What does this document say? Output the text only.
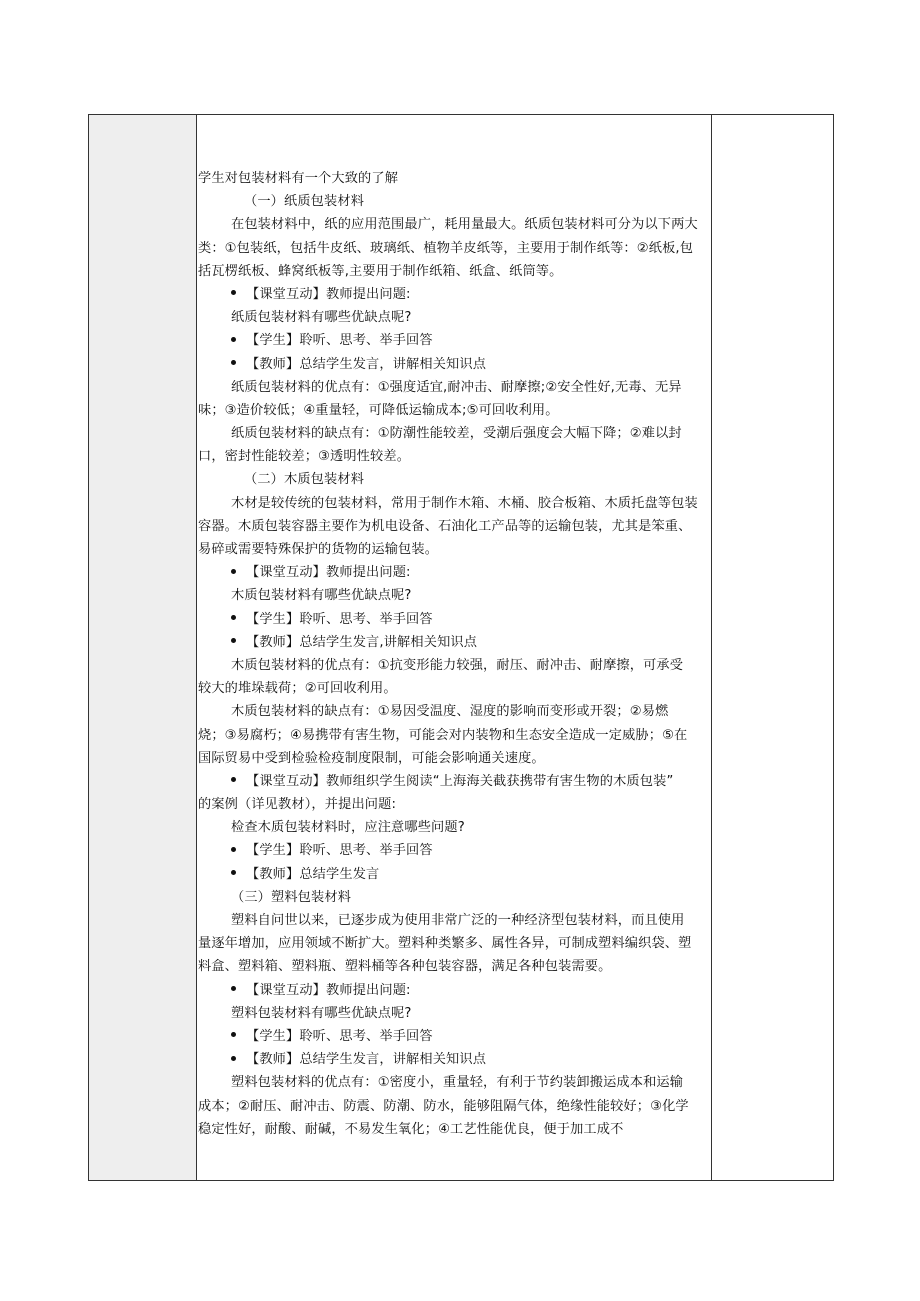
学生对包装材料有一个大致的了解
（一）纸质包装材料
在包装材料中，纸的应用范围最广，耗用量最大。纸质包装材料可分为以下两大
类：①包装纸，包括牛皮纸、玻璃纸、植物羊皮纸等，主要用于制作纸等：②纸板,包
括瓦楞纸板、蜂窝纸板等,主要用于制作纸箱、纸盒、纸筒等。
【课堂互动】教师提出问题:
纸质包装材料有哪些优缺点呢?
【学生】聆听、思考、举手回答
【教师】总结学生发言，讲解相关知识点
纸质包装材料的优点有：①强度适宜,耐冲击、耐摩擦;②安全性好,无毒、无异
味；③造价较低；④重量轻，可降低运输成本;⑤可回收利用。
纸质包装材料的缺点有：①防潮性能较差，受潮后强度会大幅下降；②难以封
口，密封性能较差；③透明性较差。
（二）木质包装材料
木材是较传统的包装材料，常用于制作木箱、木桶、胶合板箱、木质托盘等包装
容器。木质包装容器主要作为机电设备、石油化工产品等的运输包装，尤其是笨重、
易碎或需要特殊保护的货物的运输包装。
【课堂互动】教师提出问题:
木质包装材料有哪些优缺点呢?
【学生】聆听、思考、举手回答
【教师】总结学生发言,讲解相关知识点
木质包装材料的优点有：①抗变形能力较强，耐压、耐冲击、耐摩擦，可承受
较大的堆垛载荷；②可回收利用。
木质包装材料的缺点有：①易因受温度、湿度的影响而变形或开裂；②易燃
烧；③易腐朽；④易携带有害生物，可能会对内装物和生态安全造成一定威胁；⑤在
国际贸易中受到检验检疫制度限制，可能会影响通关速度。
【课堂互动】教师组织学生阅读“上海海关截获携带有害生物的木质包装”
的案例（详见教材），并提出问题:
检查木质包装材料时，应注意哪些问题?
【学生】聆听、思考、举手回答
【教师】总结学生发言
（三）塑料包装材料
塑料自问世以来，已逐步成为使用非常广泛的一种经济型包装材料，而且使用
量逐年增加，应用领域不断扩大。塑料种类繁多、属性各异，可制成塑料编织袋、塑
料盒、塑料箱、塑料瓶、塑料桶等各种包装容器，满足各种包装需要。
【课堂互动】教师提出问题:
塑料包装材料有哪些优缺点呢?
【学生】聆听、思考、举手回答
【教师】总结学生发言，讲解相关知识点
塑料包装材料的优点有：①密度小，重量轻，有利于节约装卸搬运成本和运输
成本；②耐压、耐冲击、防震、防潮、防水，能够阻隔气体，绝缘性能较好；③化学
稳定性好，耐酸、耐碱，不易发生氧化；④工艺性能优良，便于加工成不
